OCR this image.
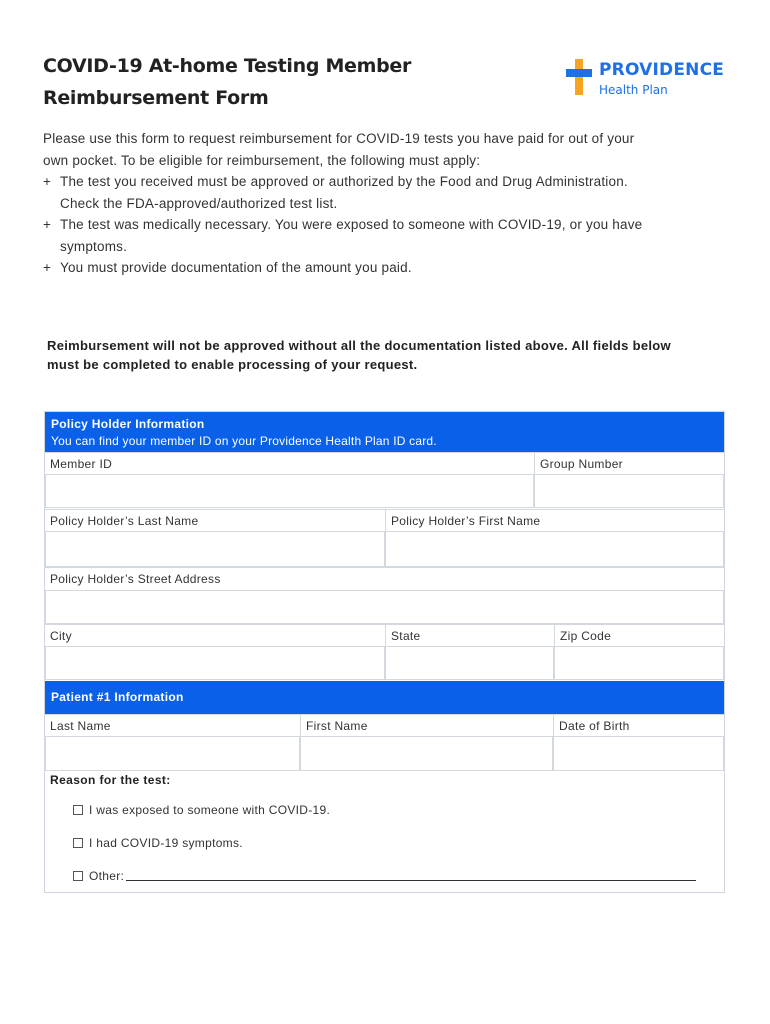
COVID-19 At-home Testing Member
Reimbursement Form
PROVIDENCE
Health Plan
Please use this form to request reimbursement for COVID-19 tests you have paid for out of your
own pocket. To be eligible for reimbursement, the following must apply:
+ The test you received must be approved or authorized by the Food and Drug Administration.
Check the FDA-approved/authorized test list.
+ The test was medically necessary. You were exposed to someone with COVID-19, or you have
symptoms.
+ You must provide documentation of the amount you paid.
Reimbursement will not be approved without all the documentation listed above. All fields below
must be completed to enable processing of your request.
Policy Holder Information
You can find your member ID on your Providence Health Plan ID card.
Member ID	Group Number
Policy Holder’s Last Name	Policy Holder’s First Name
Policy Holder’s Street Address
City	State	Zip Code
Patient #1 Information
Last Name	First Name	Date of Birth
Reason for the test:
I was exposed to someone with COVID-19.
I had COVID-19 symptoms.
Other:
